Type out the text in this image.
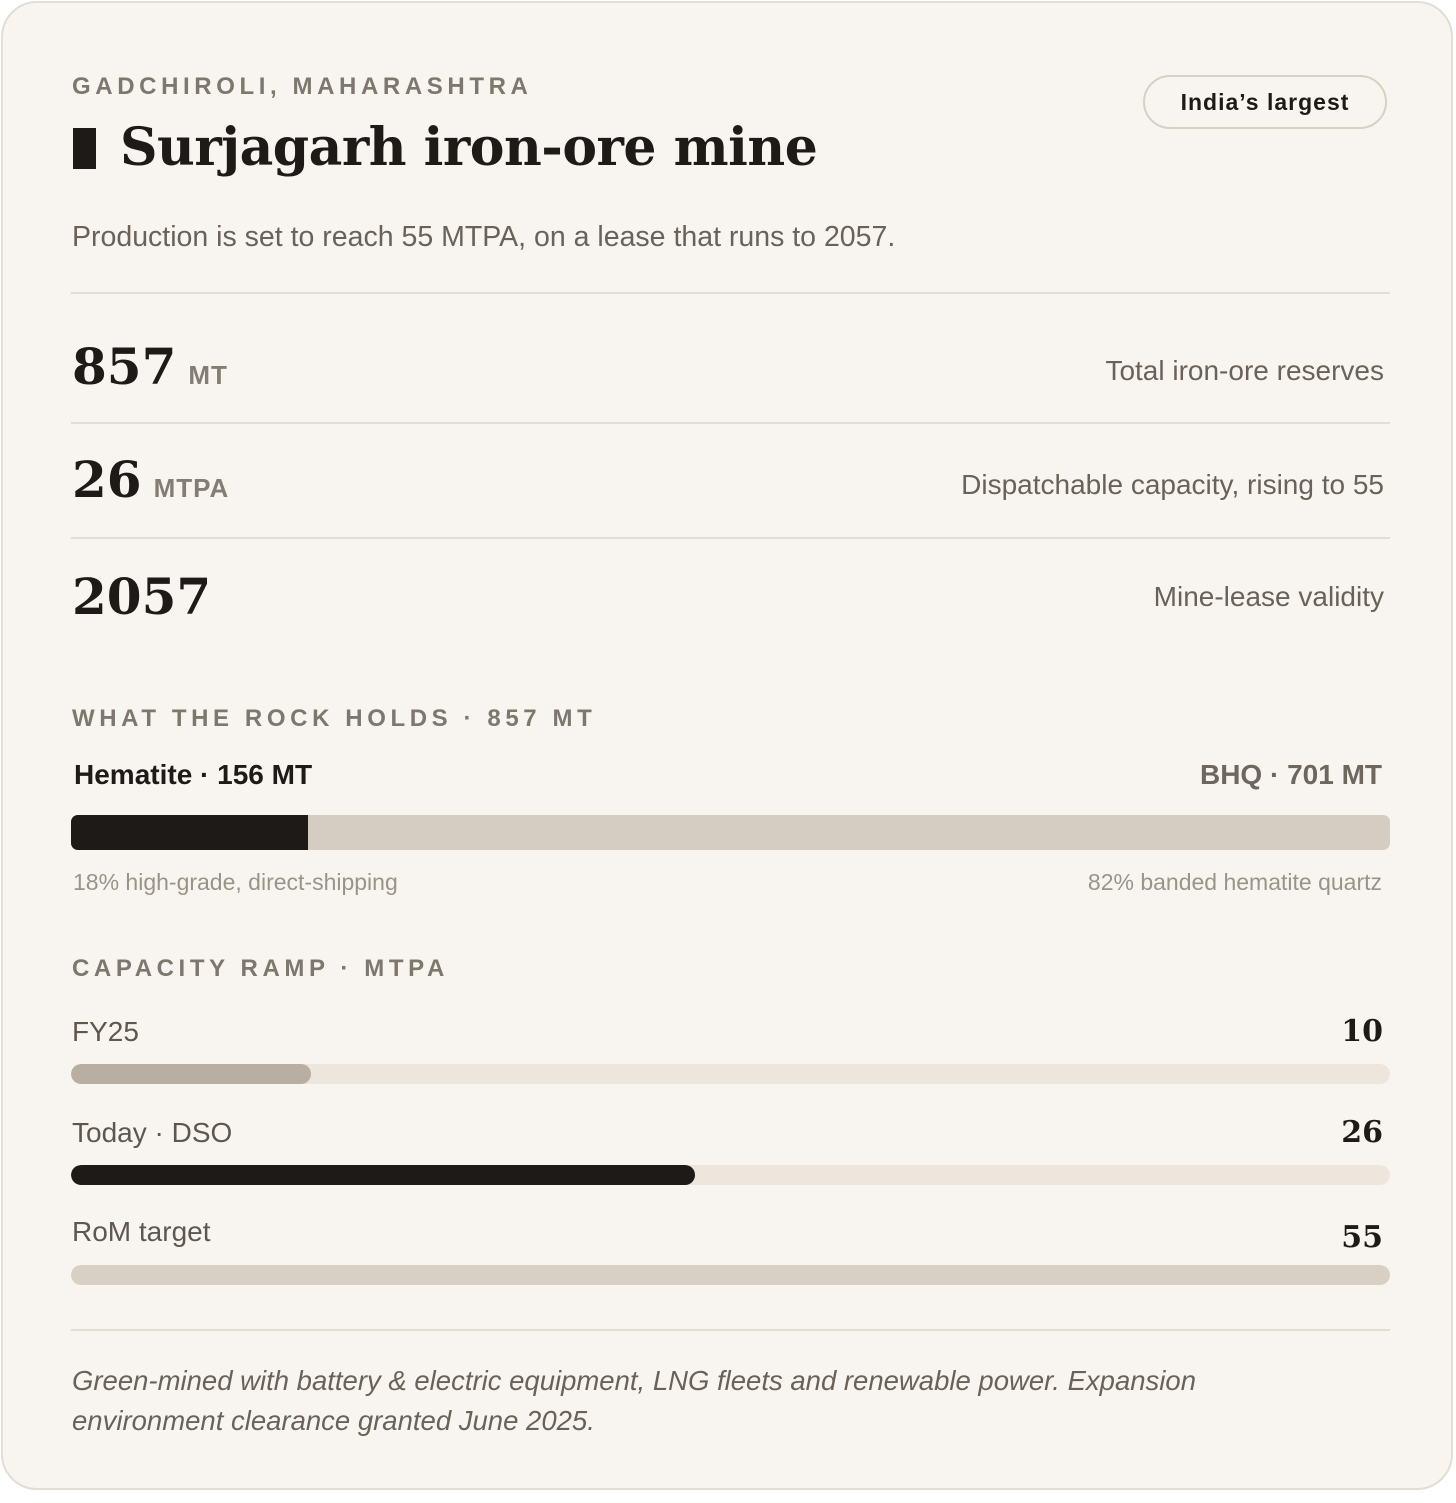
GADCHIROLI, MAHARASHTRA
India’s largest
Surjagarh iron-ore mine
Production is set to reach 55 MTPA, on a lease that runs to 2057.
857 MT	Total iron-ore reserves
26 MTPA	Dispatchable capacity, rising to 55
2057	Mine-lease validity
WHAT THE ROCK HOLDS · 857 MT
Hematite · 156 MT	BHQ · 701 MT
18% high-grade, direct-shipping	82% banded hematite quartz
CAPACITY RAMP · MTPA
FY25	10
Today · DSO	26
RoM target	55
Green-mined with battery & electric equipment, LNG fleets and renewable power. Expansion environment clearance granted June 2025.
